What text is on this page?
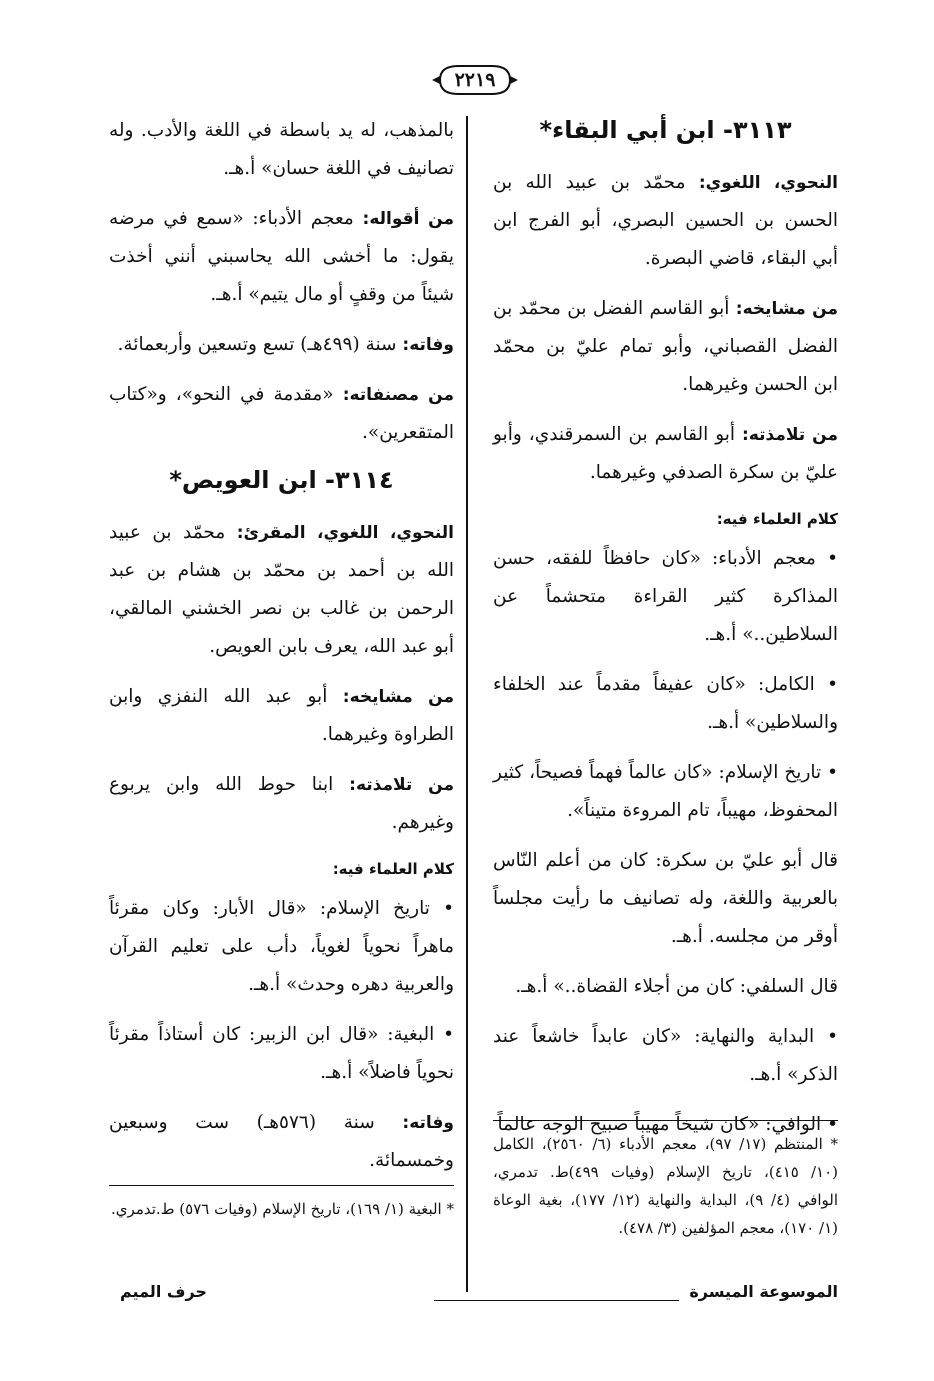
٢٢١٩
٣١١٣- ابن أبي البقاء*

النحوي، اللغوي: محمّد بن عبيد الله بن الحسن بن الحسين البصري، أبو الفرج ابن أبي البقاء، قاضي البصرة.

من مشايخه: أبو القاسم الفضل بن محمّد بن الفضل القصباني، وأبو تمام عليّ بن محمّد ابن الحسن وغيرهما.

من تلامذته: أبو القاسم بن السمرقندي، وأبو عليّ بن سكرة الصدفي وغيرهما.

كلام العلماء فيه:

• معجم الأدباء: «كان حافظاً للفقه، حسن المذاكرة كثير القراءة متحشماً عن السلاطين..» أ.هـ.

• الكامل: «كان عفيفاً مقدماً عند الخلفاء والسلاطين» أ.هـ.

• تاريخ الإسلام: «كان عالماً فهماً فصيحاً، كثير المحفوظ، مهيباً، تام المروءة متيناً».

قال أبو عليّ بن سكرة: كان من أعلم النّاس بالعربية واللغة، وله تصانيف ما رأيت مجلساً أوقر من مجلسه. أ.هـ.

قال السلفي: كان من أجلاء القضاة..» أ.هـ.

• البداية والنهاية: «كان عابداً خاشعاً عند الذكر» أ.هـ.

• الوافي: «كان شيخاً مهيباً صبيح الوجه عالماً

* المنتظم (١٧/ ٩٧)، معجم الأدباء (٦/ ٢٥٦٠)، الكامل (١٠/ ٤١٥)، تاريخ الإسلام (وفيات ٤٩٩)ط. تدمري، الوافي (٤/ ٩)، البداية والنهاية (١٢/ ١٧٧)، بغية الوعاة (١/ ١٧٠)، معجم المؤلفين (٣/ ٤٧٨).

بالمذهب، له يد باسطة في اللغة والأدب. وله تصانيف في اللغة حسان» أ.هـ.

من أقواله: معجم الأدباء: «سمع في مرضه يقول: ما أخشى الله يحاسبني أنني أخذت شيئاً من وقفٍ أو مال يتيم» أ.هـ.

وفاته: سنة (٤٩٩هـ) تسع وتسعين وأربعمائة.

من مصنفاته: «مقدمة في النحو»، و«كتاب المتقعرين».

٣١١٤- ابن العويص*

النحوي، اللغوي، المقرئ: محمّد بن عبيد الله بن أحمد بن محمّد بن هشام بن عبد الرحمن بن غالب بن نصر الخشني المالقي، أبو عبد الله، يعرف بابن العويص.

من مشايخه: أبو عبد الله النفزي وابن الطراوة وغيرهما.

من تلامذته: ابنا حوط الله وابن يربوع وغيرهم.

كلام العلماء فيه:

• تاريخ الإسلام: «قال الأبار: وكان مقرئاً ماهراً نحوياً لغوياً، دأب على تعليم القرآن والعربية دهره وحدث» أ.هـ.

• البغية: «قال ابن الزبير: كان أستاذاً مقرئاً نحوياً فاضلاً» أ.هـ.

وفاته: سنة (٥٧٦هـ) ست وسبعين وخمسمائة.

* البغية (١/ ١٦٩)، تاريخ الإسلام (وفيات ٥٧٦) ط.تدمري.
الموسوعة الميسرة
حرف الميم
